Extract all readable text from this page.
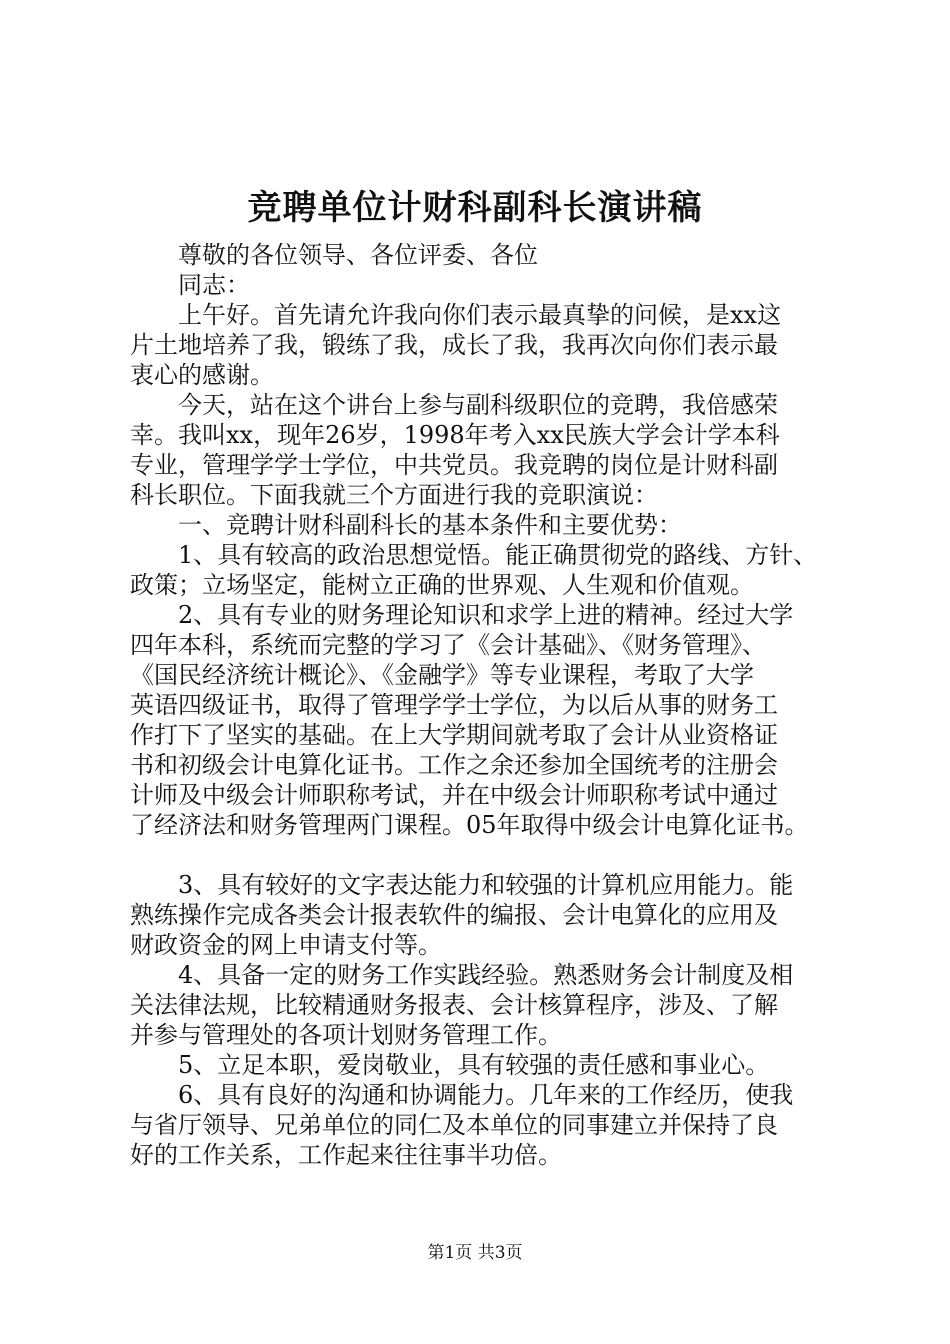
竞聘单位计财科副科长演讲稿

　　尊敬的各位领导、各位评委、各位

　　同志：

　　上午好。首先请允许我向你们表示最真挚的问候，是xx这

片土地培养了我，锻练了我，成长了我，我再次向你们表示最

衷心的感谢。

　　今天，站在这个讲台上参与副科级职位的竞聘，我倍感荣

幸。我叫xx，现年26岁，1998年考入xx民族大学会计学本科

专业，管理学学士学位，中共党员。我竞聘的岗位是计财科副

科长职位。下面我就三个方面进行我的竞职演说：

　　一、竞聘计财科副科长的基本条件和主要优势：

　　1、具有较高的政治思想觉悟。能正确贯彻党的路线、方针、

政策；立场坚定，能树立正确的世界观、人生观和价值观。

　　2、具有专业的财务理论知识和求学上进的精神。经过大学

四年本科，系统而完整的学习了《会计基础》、《财务管理》、

《国民经济统计概论》、《金融学》等专业课程，考取了大学

英语四级证书，取得了管理学学士学位，为以后从事的财务工

作打下了坚实的基础。在上大学期间就考取了会计从业资格证

书和初级会计电算化证书。工作之余还参加全国统考的注册会

计师及中级会计师职称考试，并在中级会计师职称考试中通过

了经济法和财务管理两门课程。05年取得中级会计电算化证书。

　　3、具有较好的文字表达能力和较强的计算机应用能力。能

熟练操作完成各类会计报表软件的编报、会计电算化的应用及

财政资金的网上申请支付等。

　　4、具备一定的财务工作实践经验。熟悉财务会计制度及相

关法律法规，比较精通财务报表、会计核算程序，涉及、了解

并参与管理处的各项计划财务管理工作。

　　5、立足本职，爱岗敬业，具有较强的责任感和事业心。

　　6、具有良好的沟通和协调能力。几年来的工作经历，使我

与省厅领导、兄弟单位的同仁及本单位的同事建立并保持了良

好的工作关系，工作起来往往事半功倍。

第1页 共3页
